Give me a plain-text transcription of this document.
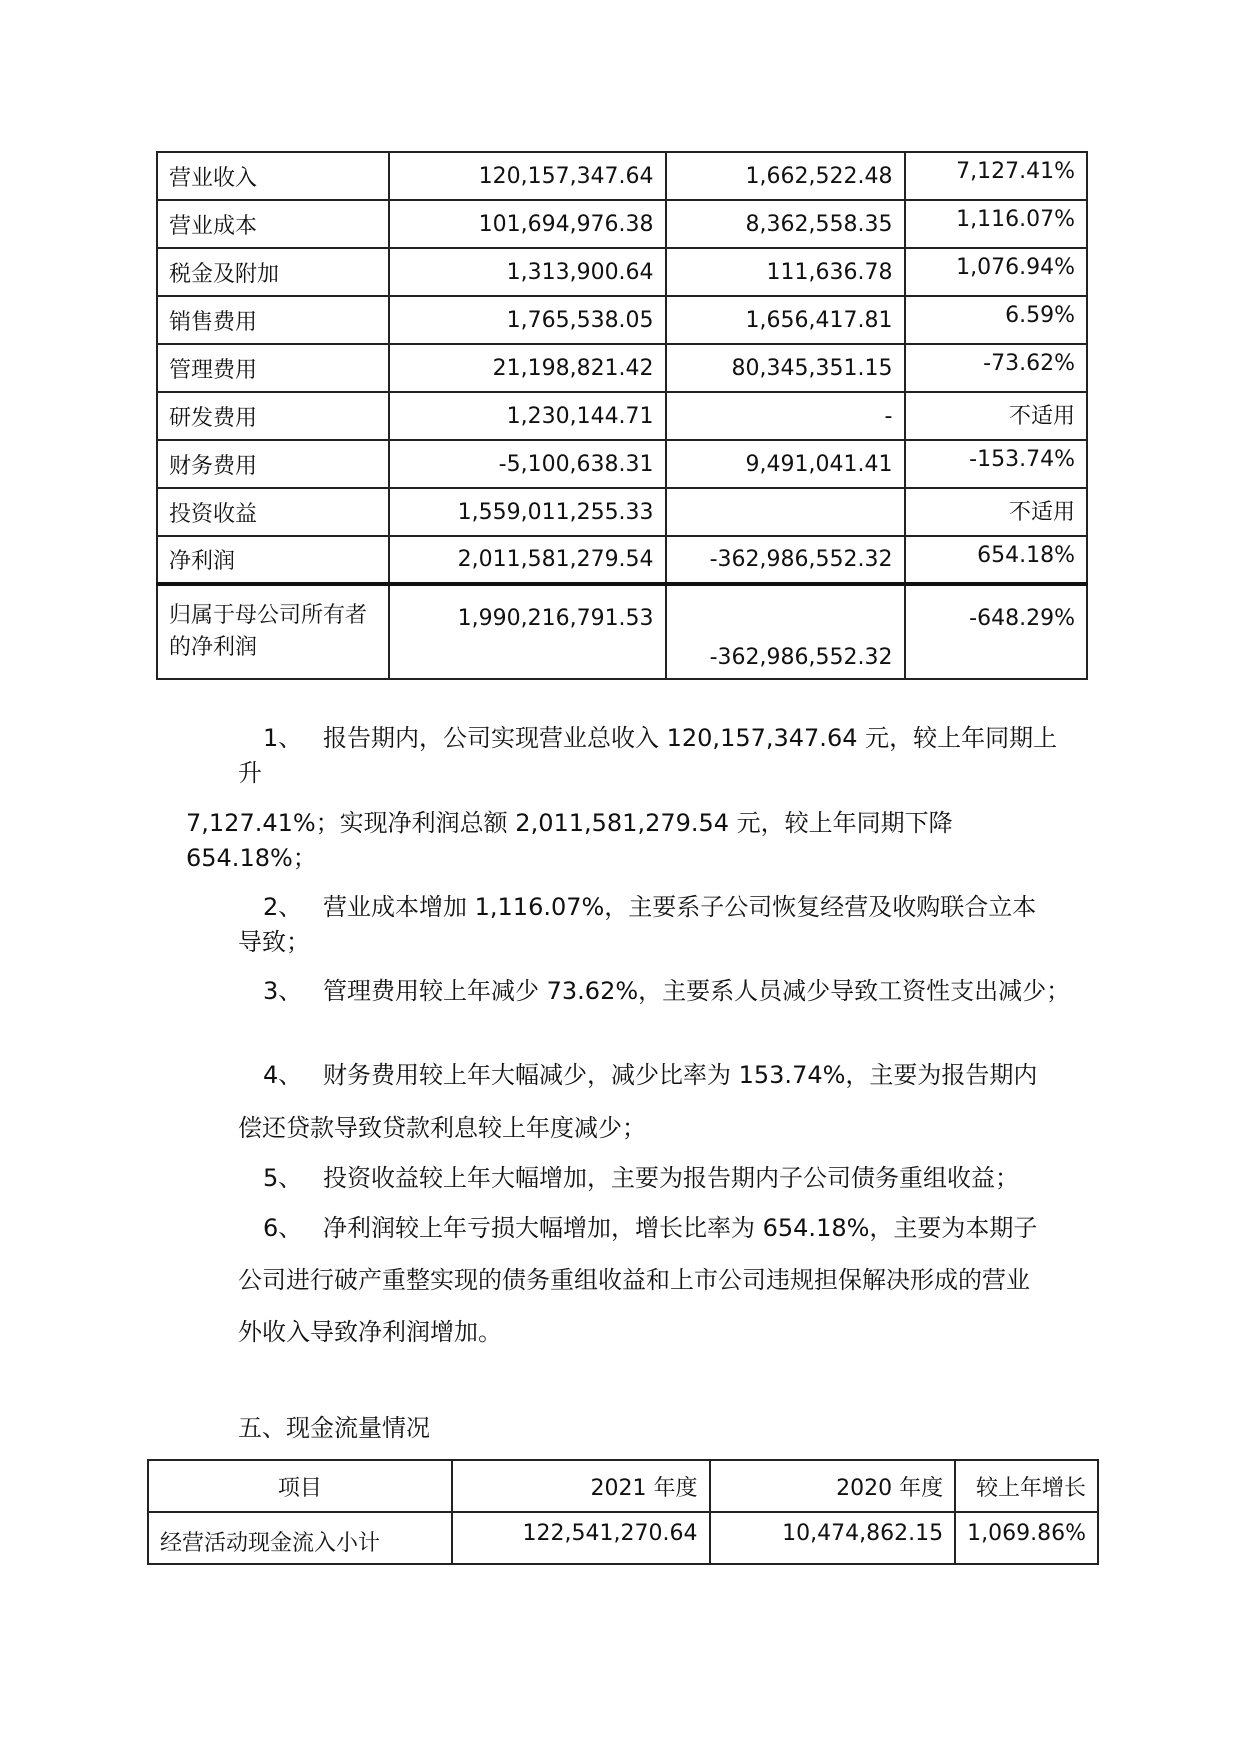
营业收入	120,157,347.64	1,662,522.48	7,127.41%
营业成本	101,694,976.38	8,362,558.35	1,116.07%
税金及附加	1,313,900.64	111,636.78	1,076.94%
销售费用	1,765,538.05	1,656,417.81	6.59%
管理费用	21,198,821.42	80,345,351.15	-73.62%
研发费用	1,230,144.71	-	不适用
财务费用	-5,100,638.31	9,491,041.41	-153.74%
投资收益	1,559,011,255.33		不适用
净利润	2,011,581,279.54	-362,986,552.32	654.18%
归属于母公司所有者
的净利润	1,990,216,791.53	-362,986,552.32	-648.29%

1、 报告期内，公司实现营业总收入 120,157,347.64 元，较上年同期上

升

7,127.41%；实现净利润总额 2,011,581,279.54 元，较上年同期下降

654.18%；

2、 营业成本增加 1,116.07%，主要系子公司恢复经营及收购联合立本

导致；

3、 管理费用较上年减少 73.62%，主要系人员减少导致工资性支出减少；

4、 财务费用较上年大幅减少，减少比率为 153.74%，主要为报告期内

偿还贷款导致贷款利息较上年度减少；

5、 投资收益较上年大幅增加，主要为报告期内子公司债务重组收益；

6、 净利润较上年亏损大幅增加，增长比率为 654.18%，主要为本期子

公司进行破产重整实现的债务重组收益和上市公司违规担保解决形成的营业

外收入导致净利润增加。

五、现金流量情况

项目	2021 年度	2020 年度	较上年增长
经营活动现金流入小计	122,541,270.64	10,474,862.15	1,069.86%
